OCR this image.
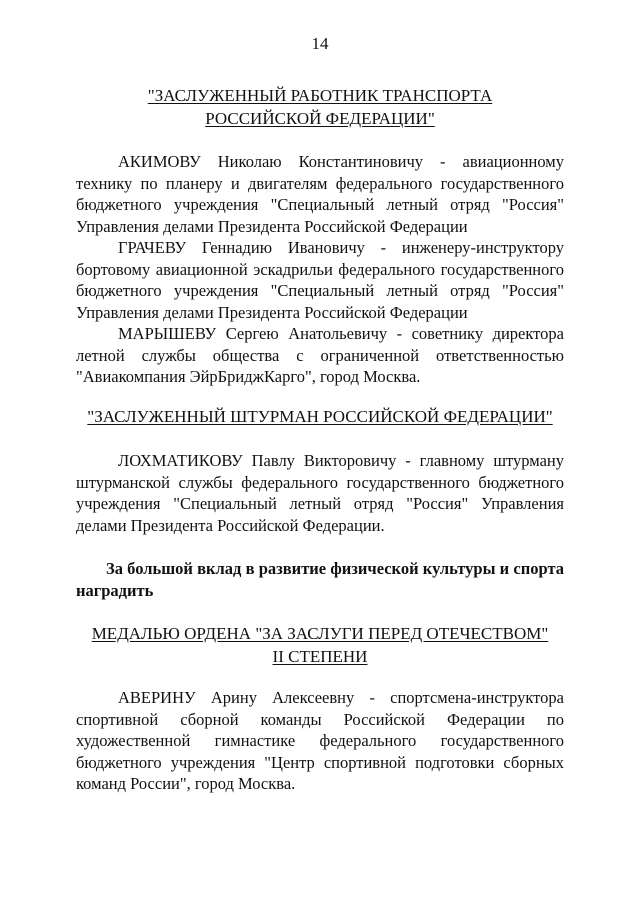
14
"ЗАСЛУЖЕННЫЙ РАБОТНИК ТРАНСПОРТА
РОССИЙСКОЙ ФЕДЕРАЦИИ"

АКИМОВУ Николаю Константиновичу - авиационному технику по планеру и двигателям федерального государственного бюджетного учреждения "Специальный летный отряд "Россия" Управления делами Президента Российской Федерации

ГРАЧЕВУ Геннадию Ивановичу - инженеру-инструктору бортовому авиационной эскадрильи федерального государственного бюджетного учреждения "Специальный летный отряд "Россия" Управления делами Президента Российской Федерации

МАРЫШЕВУ Сергею Анатольевичу - советнику директора летной службы общества с ограниченной ответственностью "Авиакомпания ЭйрБриджКарго", город Москва.

"ЗАСЛУЖЕННЫЙ ШТУРМАН РОССИЙСКОЙ ФЕДЕРАЦИИ"

ЛОХМАТИКОВУ Павлу Викторовичу - главному штурману штурманской службы федерального государственного бюджетного учреждения "Специальный летный отряд "Россия" Управления делами Президента Российской Федерации.

За большой вклад в развитие физической культуры и спорта наградить

МЕДАЛЬЮ ОРДЕНА "ЗА ЗАСЛУГИ ПЕРЕД ОТЕЧЕСТВОМ"
II СТЕПЕНИ

АВЕРИНУ Арину Алексеевну - спортсмена-инструктора спортивной сборной команды Российской Федерации по художественной гимнастике федерального государственного бюджетного учреждения "Центр спортивной подготовки сборных команд России", город Москва.
